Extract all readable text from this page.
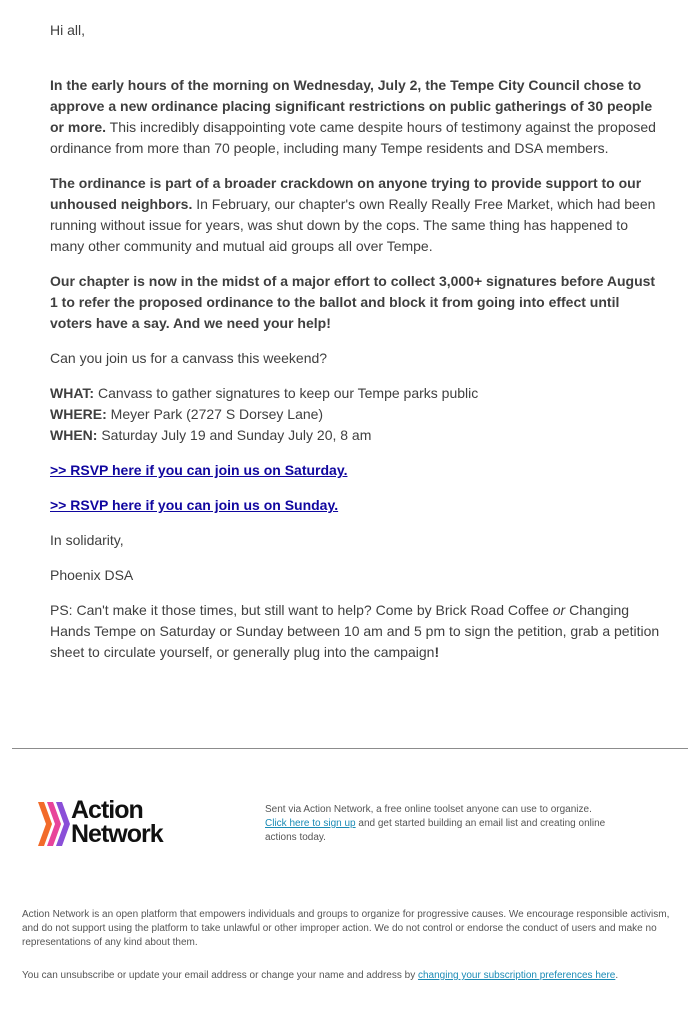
Hi all,

In the early hours of the morning on Wednesday, July 2, the Tempe City Council chose to approve a new ordinance placing significant restrictions on public gatherings of 30 people or more. This incredibly disappointing vote came despite hours of testimony against the proposed ordinance from more than 70 people, including many Tempe residents and DSA members.

The ordinance is part of a broader crackdown on anyone trying to provide support to our unhoused neighbors. In February, our chapter's own Really Really Free Market, which had been running without issue for years, was shut down by the cops. The same thing has happened to many other community and mutual aid groups all over Tempe.

Our chapter is now in the midst of a major effort to collect 3,000+ signatures before August 1 to refer the proposed ordinance to the ballot and block it from going into effect until voters have a say. And we need your help!

Can you join us for a canvass this weekend?

WHAT: Canvass to gather signatures to keep our Tempe parks public
WHERE: Meyer Park (2727 S Dorsey Lane)
WHEN: Saturday July 19 and Sunday July 20, 8 am

>> RSVP here if you can join us on Saturday.

>> RSVP here if you can join us on Sunday.

In solidarity,

Phoenix DSA

PS: Can't make it those times, but still want to help? Come by Brick Road Coffee or Changing Hands Tempe on Saturday or Sunday between 10 am and 5 pm to sign the petition, grab a petition sheet to circulate yourself, or generally plug into the campaign!

Action
Network
Sent via Action Network, a free online toolset anyone can use to organize.
Click here to sign up and get started building an email list and creating online actions today.
Action Network is an open platform that empowers individuals and groups to organize for progressive causes. We encourage responsible activism, and do not support using the platform to take unlawful or other improper action. We do not control or endorse the conduct of users and make no representations of any kind about them.
You can unsubscribe or update your email address or change your name and address by changing your subscription preferences here.
